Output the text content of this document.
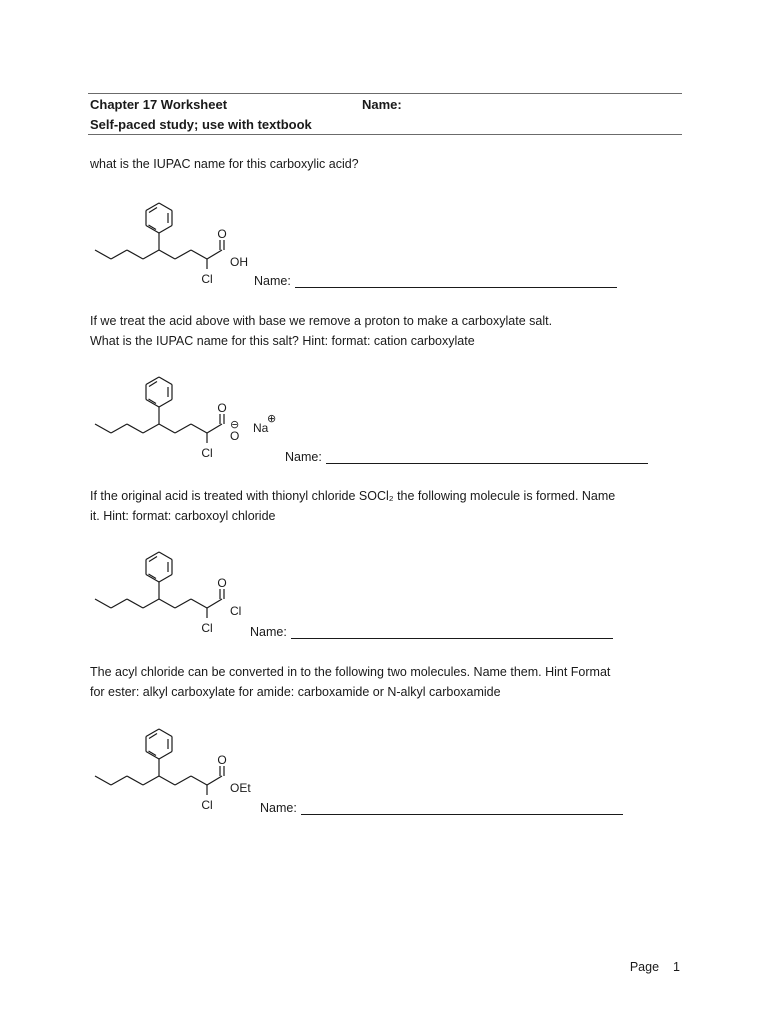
Chapter 17 Worksheet	Name:
Self-paced study; use with textbook

what is the IUPAC name for this carboxylic acid?

O
Cl
OH
Name:

If we treat the acid above with base we remove a proton to make a carboxylate salt.

What is the IUPAC name for this salt? Hint: format: cation carboxylate

O
Cl
O
⊖ Na
⊕
Name:

If the original acid is treated with thionyl chloride SOCl₂ the following molecule is formed. Name

it. Hint: format: carboxoyl chloride

O
Cl
Cl
Name:

The acyl chloride can be converted in to the following two molecules. Name them. Hint Format

for ester: alkyl carboxylate for amide: carboxamide or N-alkyl carboxamide

O
Cl
OEt
Name:
Page 1
